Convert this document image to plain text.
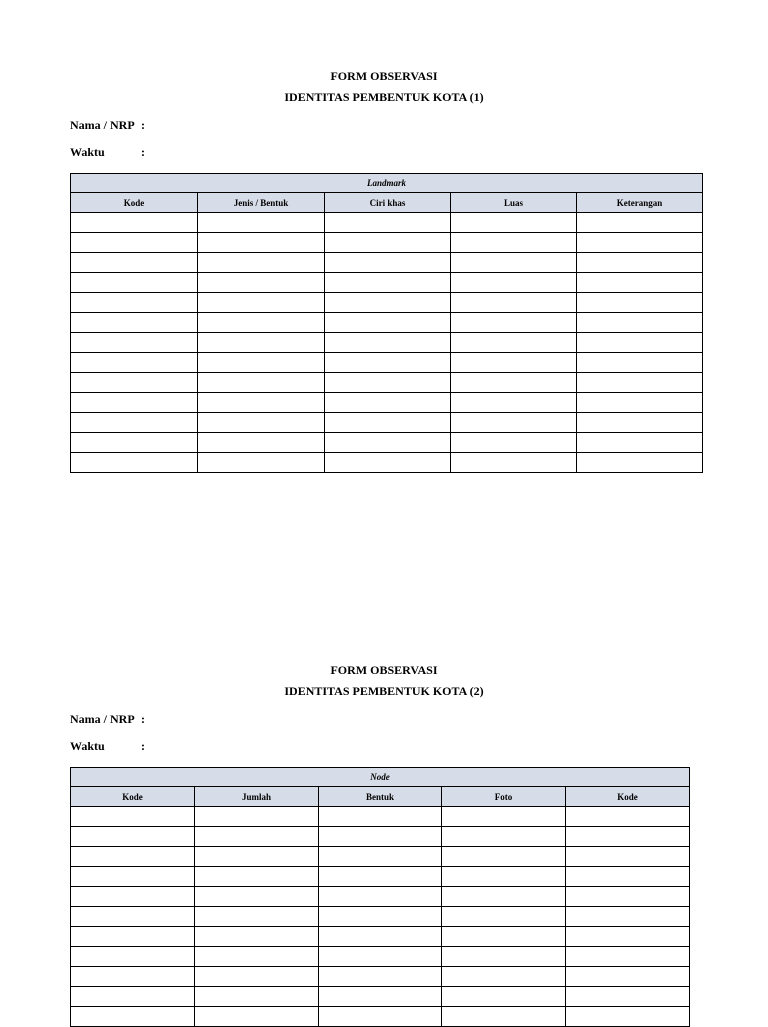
FORM OBSERVASI
IDENTITAS PEMBENTUK KOTA (1)
Nama / NRP :
Waktu	:
Landmark				
Kode	Jenis / Bentuk	Ciri khas	Luas	Keterangan

FORM OBSERVASI
IDENTITAS PEMBENTUK KOTA (2)
Nama / NRP :
Waktu	:
Node				
Kode	Jumlah	Bentuk	Foto	Kode
